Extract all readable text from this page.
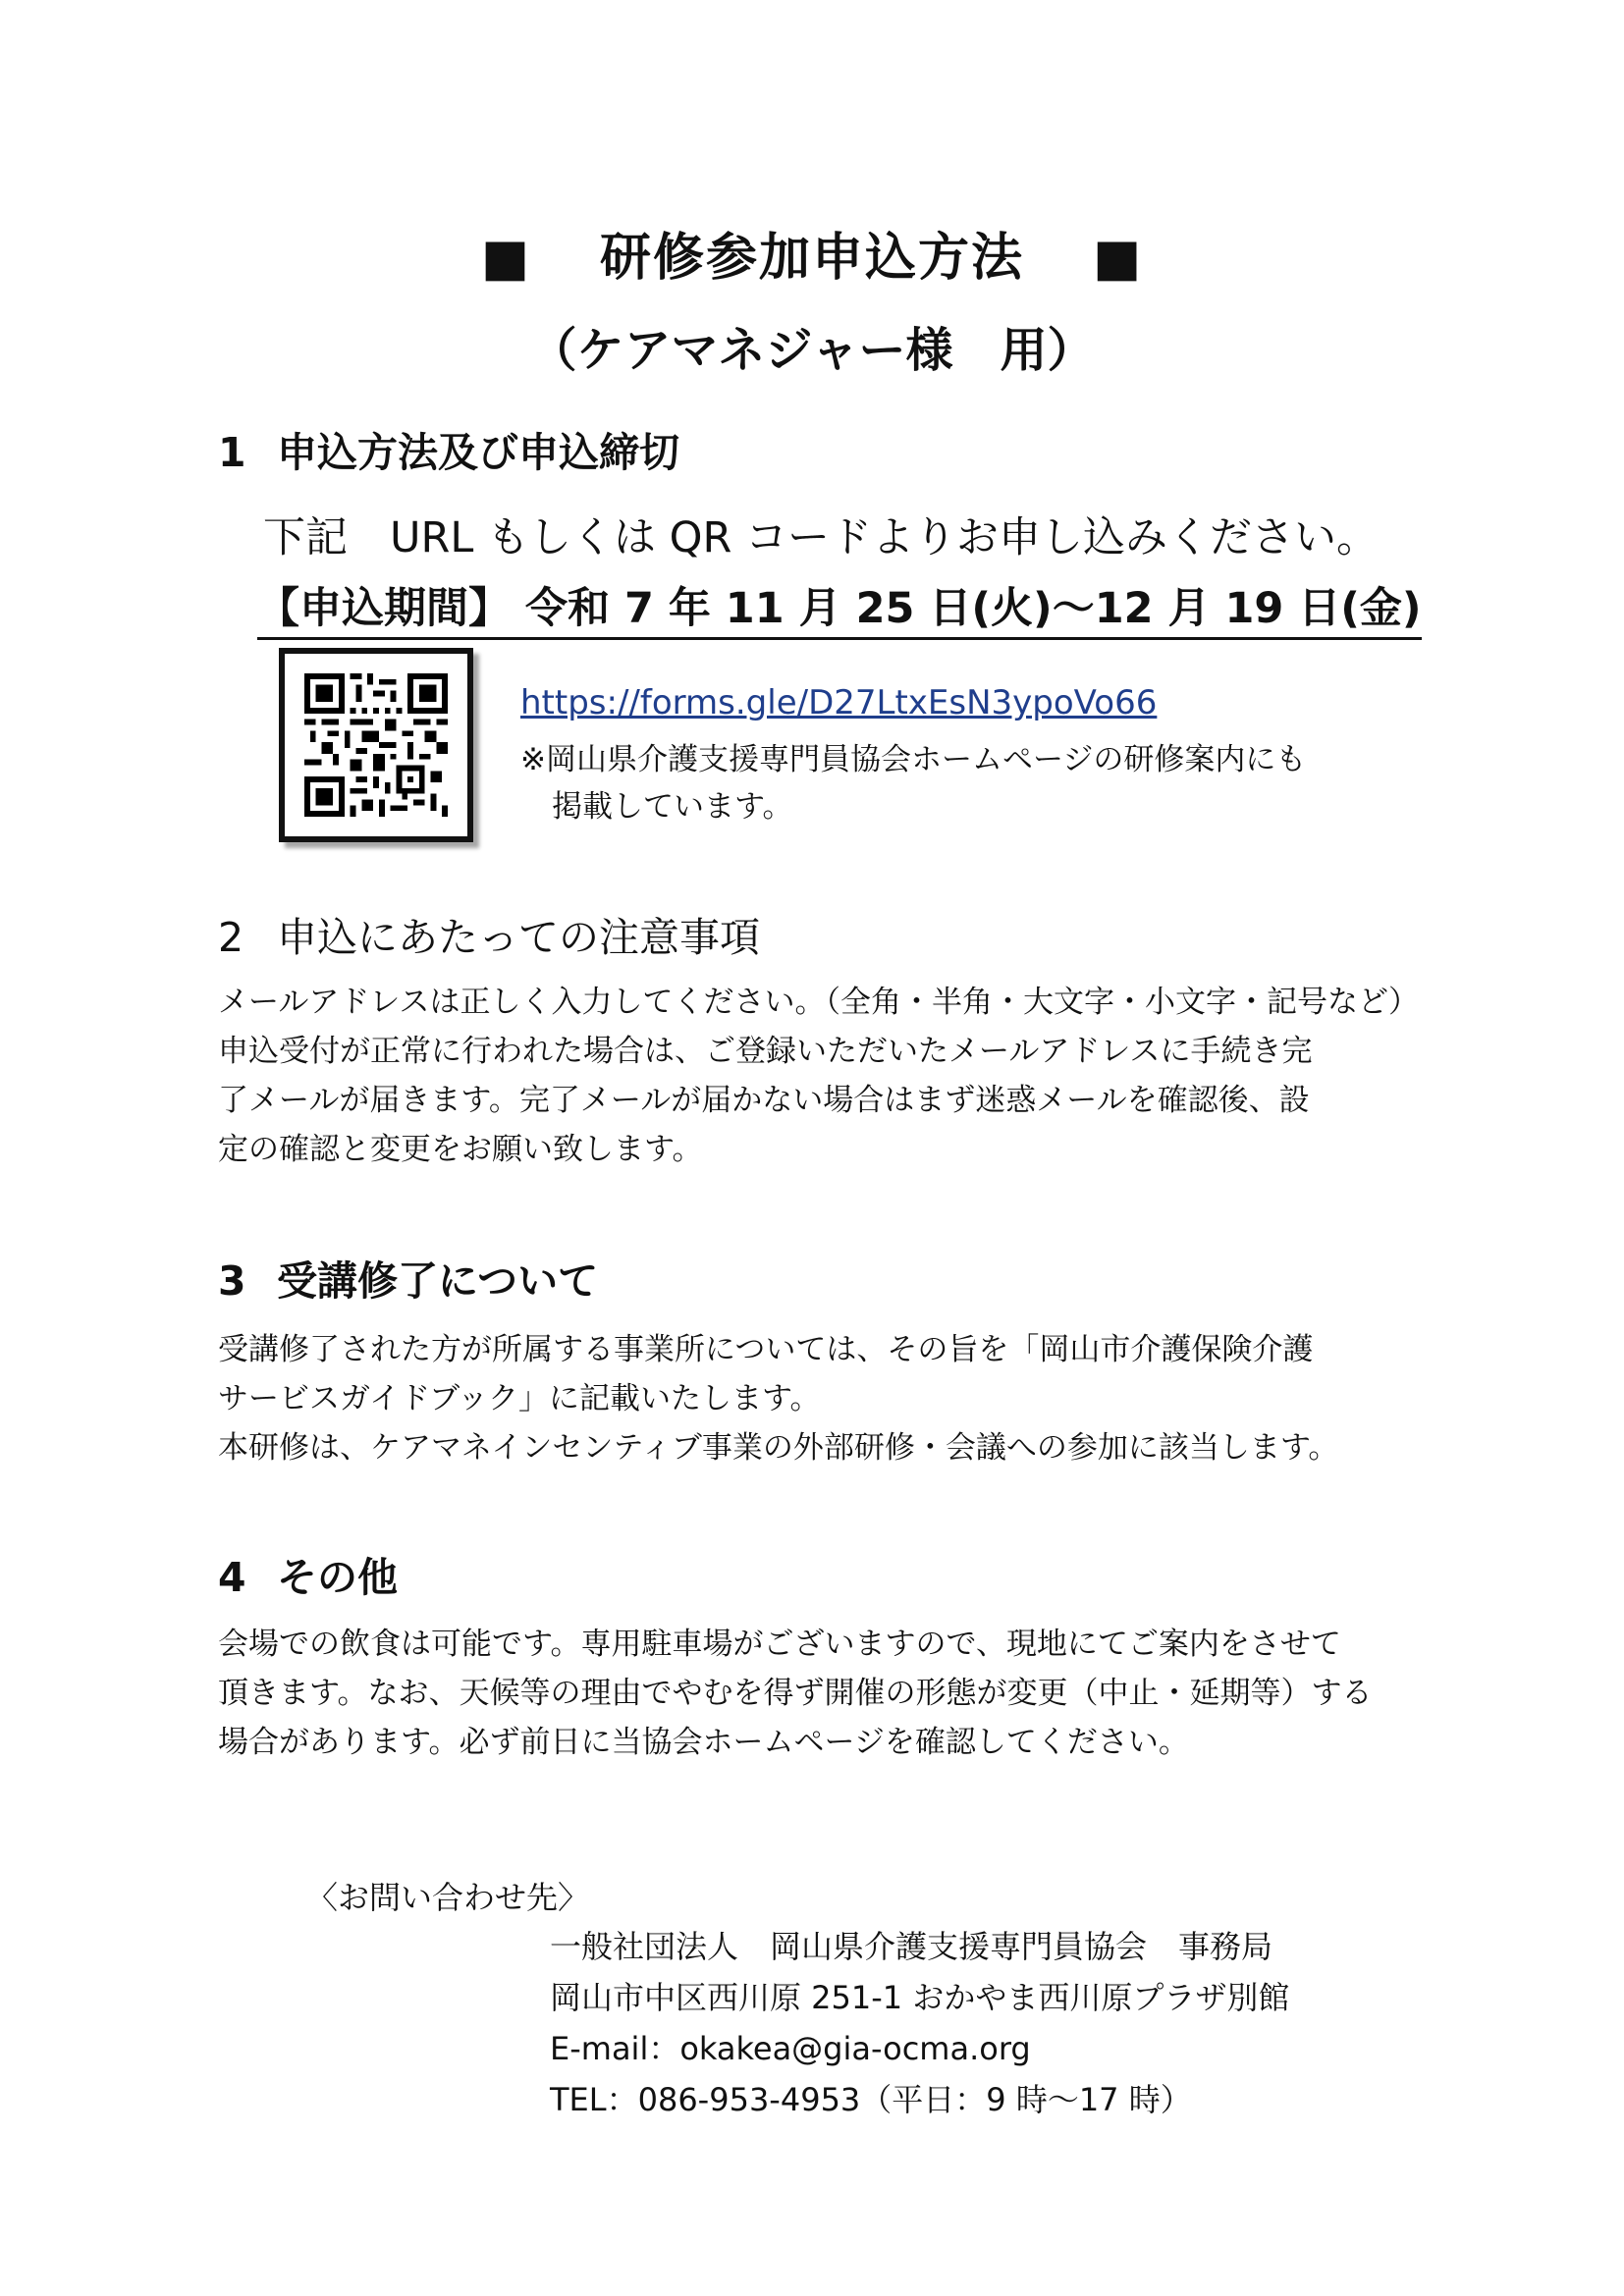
■ 研修参加申込方法 ■
（ケアマネジャー様　用）
1 申込方法及び申込締切
下記　URL もしくは QR コードよりお申し込みください。
【申込期間】 令和 7 年 11 月 25 日(火)～12 月 19 日(金)
https://forms.gle/D27LtxEsN3ypoVo66
※岡山県介護支援専門員協会ホームページの研修案内にも
掲載しています。
2 申込にあたっての注意事項
メールアドレスは正しく入力してください。（全角・半角・大文字・小文字・記号など）
申込受付が正常に行われた場合は、ご登録いただいたメールアドレスに手続き完
了メールが届きます。完了メールが届かない場合はまず迷惑メールを確認後、設
定の確認と変更をお願い致します。
3 受講修了について
受講修了された方が所属する事業所については、その旨を「岡山市介護保険介護
サービスガイドブック」に記載いたします。
本研修は、ケアマネインセンティブ事業の外部研修・会議への参加に該当します。
4 その他
会場での飲食は可能です。専用駐車場がございますので、現地にてご案内をさせて
頂きます。なお、天候等の理由でやむを得ず開催の形態が変更（中止・延期等）する
場合があります。必ず前日に当協会ホームページを確認してください。
〈お問い合わせ先〉
一般社団法人　岡山県介護支援専門員協会　事務局
岡山市中区西川原 251-1 おかやま西川原プラザ別館
E-mail：okakea@gia-ocma.org
TEL：086-953-4953（平日：9 時～17 時）
